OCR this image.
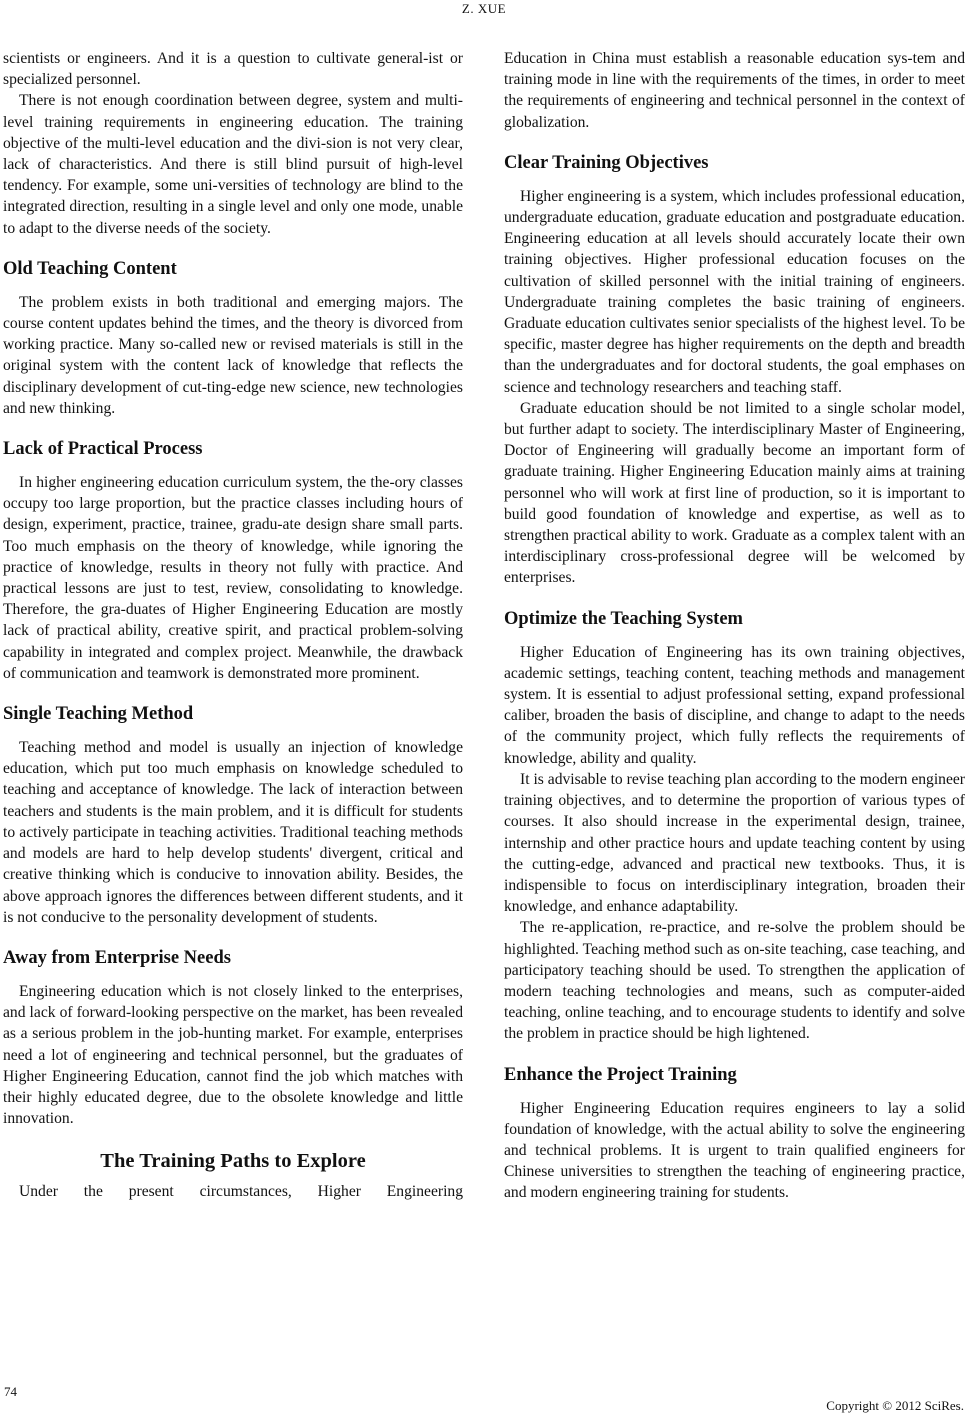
Z. XUE

scientists or engineers. And it is a question to cultivate general-ist or specialized personnel.

There is not enough coordination between degree, system and multi-level training requirements in engineering education. The training objective of the multi-level education and the divi-sion is not very clear, lack of characteristics. And there is still blind pursuit of high-level tendency. For example, some uni-versities of technology are blind to the integrated direction, resulting in a single level and only one mode, unable to adapt to the diverse needs of the society.

Old Teaching Content

The problem exists in both traditional and emerging majors. The course content updates behind the times, and the theory is divorced from working practice. Many so-called new or revised materials is still in the original system with the content lack of knowledge that reflects the disciplinary development of cut-ting-edge new science, new technologies and new thinking.

Lack of Practical Process

In higher engineering education curriculum system, the the-ory classes occupy too large proportion, but the practice classes including hours of design, experiment, practice, trainee, gradu-ate design share small parts. Too much emphasis on the theory of knowledge, while ignoring the practice of knowledge, results in theory not fully with practice. And practical lessons are just to test, review, consolidating to knowledge. Therefore, the gra-duates of Higher Engineering Education are mostly lack of practical ability, creative spirit, and practical problem-solving capability in integrated and complex project. Meanwhile, the drawback of communication and teamwork is demonstrated more prominent.

Single Teaching Method

Teaching method and model is usually an injection of knowledge education, which put too much emphasis on knowledge scheduled to teaching and acceptance of knowledge. The lack of interaction between teachers and students is the main problem, and it is difficult for students to actively participate in teaching activities. Traditional teaching methods and models are hard to help develop students' divergent, critical and creative thinking which is conducive to innovation ability. Besides, the above approach ignores the differences between different students, and it is not conducive to the personality development of students.

Away from Enterprise Needs

Engineering education which is not closely linked to the enterprises, and lack of forward-looking perspective on the market, has been revealed as a serious problem in the job-hunting market. For example, enterprises need a lot of engineering and technical personnel, but the graduates of Higher Engineering Education, cannot find the job which matches with their highly educated degree, due to the obsolete knowledge and little innovation.

The Training Paths to Explore

Under the present circumstances, Higher Engineering

Education in China must establish a reasonable education sys-tem and training mode in line with the requirements of the times, in order to meet the requirements of engineering and technical personnel in the context of globalization.

Clear Training Objectives

Higher engineering is a system, which includes professional education, undergraduate education, graduate education and postgraduate education. Engineering education at all levels should accurately locate their own training objectives. Higher professional education focuses on the cultivation of skilled personnel with the initial training of engineers. Undergraduate training completes the basic training of engineers. Graduate education cultivates senior specialists of the highest level. To be specific, master degree has higher requirements on the depth and breadth than the undergraduates and for doctoral students, the goal emphases on science and technology researchers and teaching staff.

Graduate education should be not limited to a single scholar model, but further adapt to society. The interdisciplinary Master of Engineering, Doctor of Engineering will gradually become an important form of graduate training. Higher Engineering Education mainly aims at training personnel who will work at first line of production, so it is important to build good foundation of knowledge and expertise, as well as to strengthen practical ability to work. Graduate as a complex talent with an interdisciplinary cross-professional degree will be welcomed by enterprises.

Optimize the Teaching System

Higher Education of Engineering has its own training objectives, academic settings, teaching content, teaching methods and management system. It is essential to adjust professional setting, expand professional caliber, broaden the basis of discipline, and change to adapt to the needs of the community project, which fully reflects the requirements of knowledge, ability and quality.

It is advisable to revise teaching plan according to the modern engineer training objectives, and to determine the proportion of various types of courses. It also should increase in the experimental design, trainee, internship and other practice hours and update teaching content by using the cutting-edge, advanced and practical new textbooks. Thus, it is indispensible to focus on interdisciplinary integration, broaden their knowledge, and enhance adaptability.

The re-application, re-practice, and re-solve the problem should be highlighted. Teaching method such as on-site teaching, case teaching, and participatory teaching should be used. To strengthen the application of modern teaching technologies and means, such as computer-aided teaching, online teaching, and to encourage students to identify and solve the problem in practice should be high lightened.

Enhance the Project Training

Higher Engineering Education requires engineers to lay a solid foundation of knowledge, with the actual ability to solve the engineering and technical problems. It is urgent to train qualified engineers for Chinese universities to strengthen the teaching of engineering practice, and modern engineering training for students.

74
Copyright © 2012 SciRes.
